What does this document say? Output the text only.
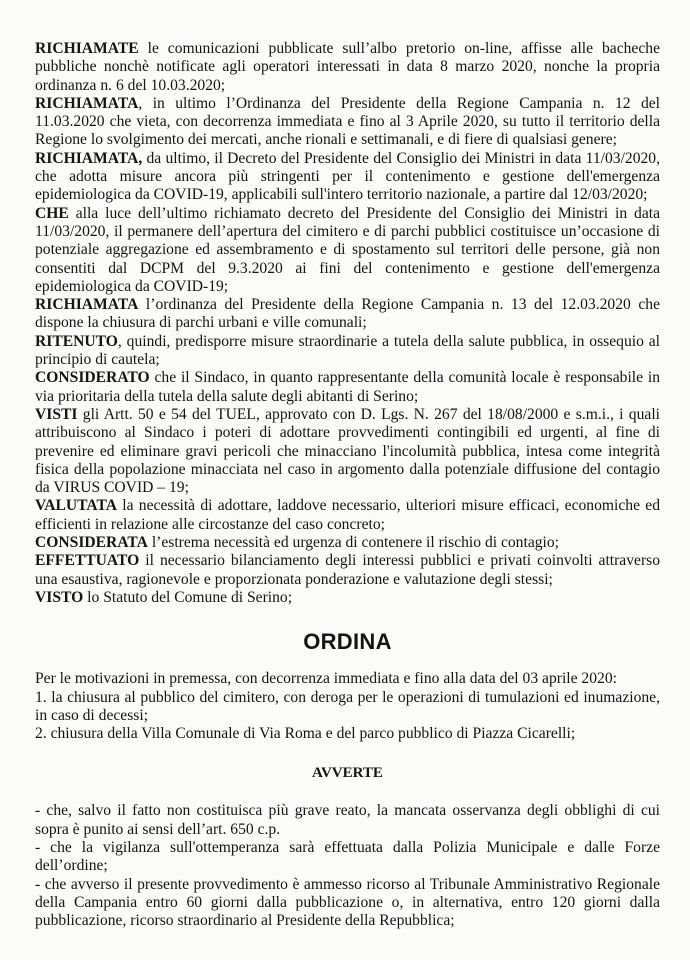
RICHIAMATE le comunicazioni pubblicate sull’albo pretorio on-line, affisse alle bacheche pubbliche nonchè notificate agli operatori interessati in data 8 marzo 2020, nonche la propria ordinanza n. 6 del 10.03.2020;

RICHIAMATA, in ultimo l’Ordinanza del Presidente della Regione Campania n. 12 del 11.03.2020 che vieta, con decorrenza immediata e fino al 3 Aprile 2020, su tutto il territorio della Regione lo svolgimento dei mercati, anche rionali e settimanali, e di fiere di qualsiasi genere;

RICHIAMATA, da ultimo, il Decreto del Presidente del Consiglio dei Ministri in data 11/03/2020, che adotta misure ancora più stringenti per il contenimento e gestione dell'emergenza epidemiologica da COVID-19, applicabili sull'intero territorio nazionale, a partire dal 12/03/2020;

CHE alla luce dell’ultimo richiamato decreto del Presidente del Consiglio dei Ministri in data 11/03/2020, il permanere dell’apertura del cimitero e di parchi pubblici costituisce un’occasione di potenziale aggregazione ed assembramento e di spostamento sul territori delle persone, già non consentiti dal DCPM del 9.3.2020 ai fini del contenimento e gestione dell'emergenza epidemiologica da COVID-19;

RICHIAMATA l’ordinanza del Presidente della Regione Campania n. 13 del 12.03.2020 che dispone la chiusura di parchi urbani e ville comunali;

RITENUTO, quindi, predisporre misure straordinarie a tutela della salute pubblica, in ossequio al principio di cautela;

CONSIDERATO che il Sindaco, in quanto rappresentante della comunità locale è responsabile in via prioritaria della tutela della salute degli abitanti di Serino;

VISTI gli Artt. 50 e 54 del TUEL, approvato con D. Lgs. N. 267 del 18/08/2000 e s.m.i., i quali attribuiscono al Sindaco i poteri di adottare provvedimenti contingibili ed urgenti, al fine di prevenire ed eliminare gravi pericoli che minacciano l'incolumità pubblica, intesa come integrità fisica della popolazione minacciata nel caso in argomento dalla potenziale diffusione del contagio da VIRUS COVID – 19;

VALUTATA la necessità di adottare, laddove necessario, ulteriori misure efficaci, economiche ed efficienti in relazione alle circostanze del caso concreto;

CONSIDERATA l’estrema necessità ed urgenza di contenere il rischio di contagio;

EFFETTUATO il necessario bilanciamento degli interessi pubblici e privati coinvolti attraverso una esaustiva, ragionevole e proporzionata ponderazione e valutazione degli stessi;

VISTO lo Statuto del Comune di Serino;

ORDINA

Per le motivazioni in premessa, con decorrenza immediata e fino alla data del 03 aprile 2020:

1. la chiusura al pubblico del cimitero, con deroga per le operazioni di tumulazioni ed inumazione, in caso di decessi;

2. chiusura della Villa Comunale di Via Roma e del parco pubblico di Piazza Cicarelli;

AVVERTE

- che, salvo il fatto non costituisca più grave reato, la mancata osservanza degli obblighi di cui sopra è punito ai sensi dell’art. 650 c.p.

- che la vigilanza sull'ottemperanza sarà effettuata dalla Polizia Municipale e dalle Forze dell’ordine;

- che avverso il presente provvedimento è ammesso ricorso al Tribunale Amministrativo Regionale della Campania entro 60 giorni dalla pubblicazione o, in alternativa, entro 120 giorni dalla pubblicazione, ricorso straordinario al Presidente della Repubblica;
